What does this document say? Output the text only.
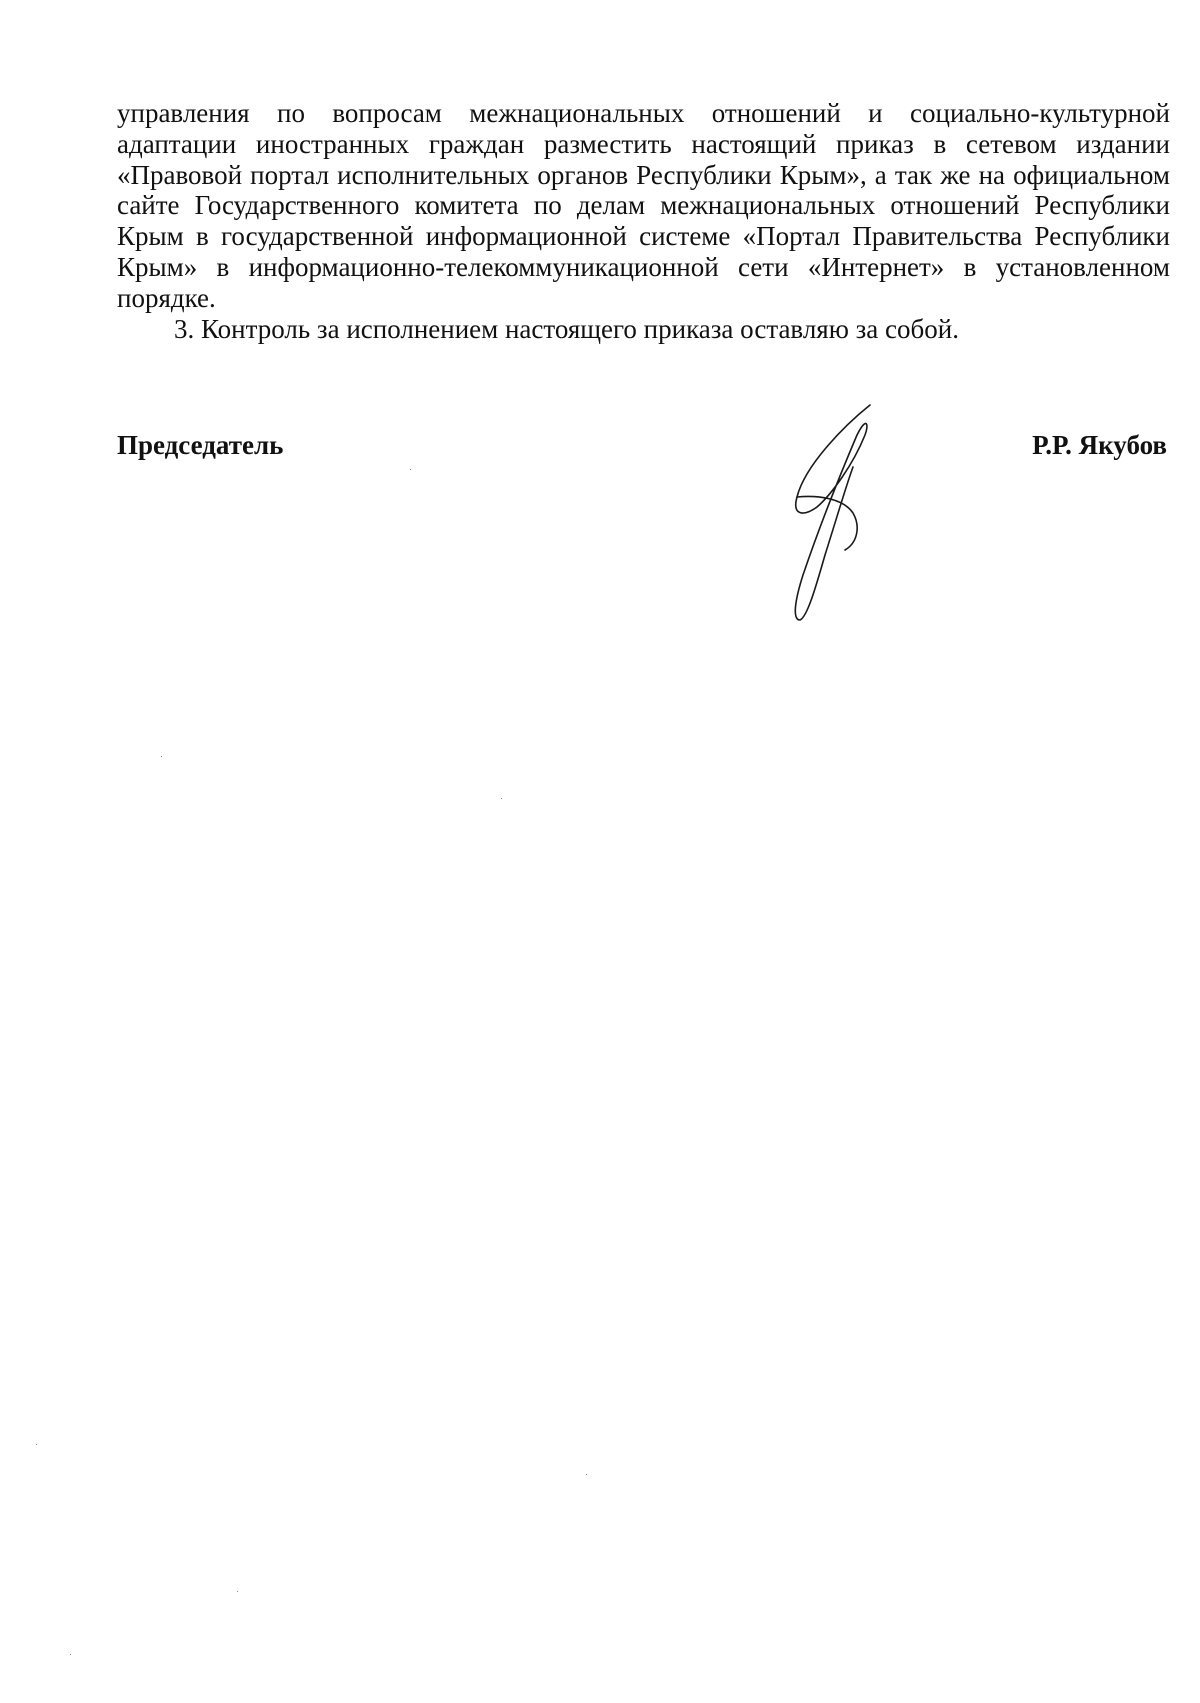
управления по вопросам межнациональных отношений и социально-культурной адаптации иностранных граждан разместить настоящий приказ в сетевом издании «Правовой портал исполнительных органов Республики Крым», а так же на официальном сайте Государственного комитета по делам межнациональных отношений Республики Крым в государственной информационной системе «Портал Правительства Республики Крым» в информационно-телекоммуникационной сети «Интернет» в установленном порядке.

3. Контроль за исполнением настоящего приказа оставляю за собой.

Председатель	Р.Р. Якубов
